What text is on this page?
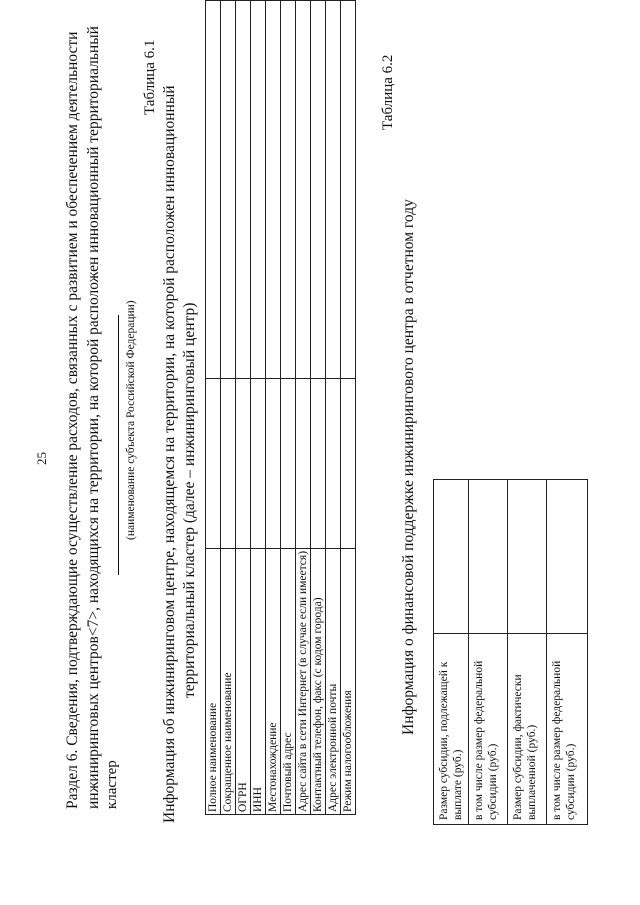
25 Раздел 6. Сведения, подтверждающие осуществление расходов, связанных с развитием и обеспечением деятельности инжиниринговых центров<7>, находящихся на территории, на которой расположен инновационный территориальный кластер
(наименование субъекта Российской Федерации)
Таблица 6.1
Информация об инжиниринговом центре, находящемся на территории, на которой расположен инновационный территориальный кластер (далее – инжиниринговый центр)
Полное наименование		
Сокращенное наименование		
ОГРН		
ИНН		
Местонахождение		
Почтовый адрес		
Адрес сайта в сети Интернет (в случае если имеется)		
Контактный телефон, факс (с кодом города)		
Адрес электронной почты		
Режим налогообложения		
Таблица 6.2
Информация о финансовой поддержке инжинирингового центра в отчетном году
Размер субсидии, подлежащей к выплате (руб.)	
в том числе размер федеральной субсидии (руб.)	
Размер субсидии, фактически выплаченной (руб.)	
в том числе размер федеральной субсидии (руб.)	
